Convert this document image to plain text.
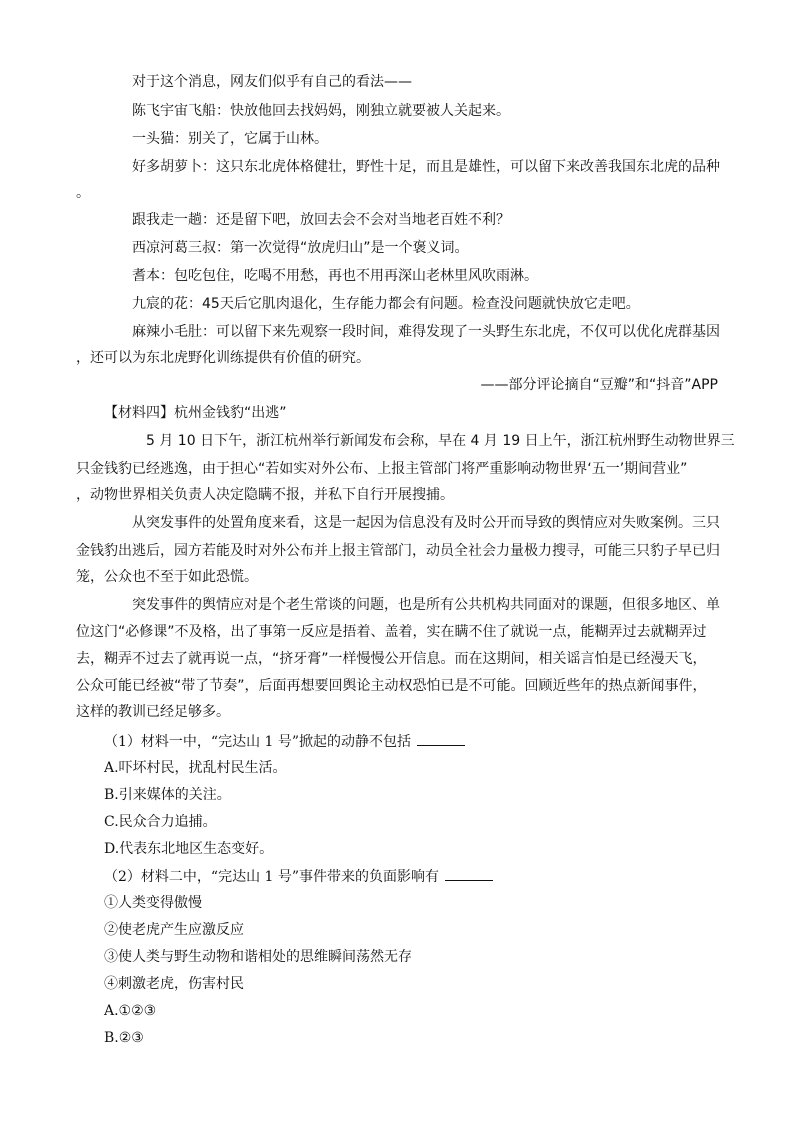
对于这个消息，网友们似乎有自己的看法——
陈飞宇宙飞船：快放他回去找妈妈，刚独立就要被人关起来。
一头猫：别关了，它属于山林。
好多胡萝卜：这只东北虎体格健壮，野性十足，而且是雄性，可以留下来改善我国东北虎的品种
。
跟我走一趟：还是留下吧，放回去会不会对当地老百姓不利？
西凉河葛三叔：第一次觉得“放虎归山”是一个褒义词。
耆本：包吃包住，吃喝不用愁，再也不用再深山老林里风吹雨淋。
九宸的花：45天后它肌肉退化，生存能力都会有问题。检查没问题就快放它走吧。
麻辣小毛肚：可以留下来先观察一段时间，难得发现了一头野生东北虎，不仅可以优化虎群基因
，还可以为东北虎野化训练提供有价值的研究。
——部分评论摘自“豆瓣”和“抖音”APP
【材料四】杭州金钱豹“出逃”
5 月 10 日下午，浙江杭州举行新闻发布会称，早在 4 月 19 日上午，浙江杭州野生动物世界三
只金钱豹已经逃逸，由于担心“若如实对外公布、上报主管部门将严重影响动物世界‘五一’期间营业”
，动物世界相关负责人决定隐瞒不报，并私下自行开展搜捕。
从突发事件的处置角度来看，这是一起因为信息没有及时公开而导致的舆情应对失败案例。三只
金钱豹出逃后，园方若能及时对外公布并上报主管部门，动员全社会力量极力搜寻，可能三只豹子早已归
笼，公众也不至于如此恐慌。
突发事件的舆情应对是个老生常谈的问题，也是所有公共机构共同面对的课题，但很多地区、单
位这门“必修课”不及格，出了事第一反应是捂着、盖着，实在瞒不住了就说一点，能糊弄过去就糊弄过
去，糊弄不过去了就再说一点，“挤牙膏”一样慢慢公开信息。而在这期间，相关谣言怕是已经漫天飞，
公众可能已经被“带了节奏”，后面再想要回舆论主动权恐怕已是不可能。回顾近些年的热点新闻事件，
这样的教训已经足够多。
（1）材料一中，“完达山 1 号”掀起的动静不包括
A.吓坏村民，扰乱村民生活。
B.引来媒体的关注。
C.民众合力追捕。
D.代表东北地区生态变好。
（2）材料二中，“完达山 1 号”事件带来的负面影响有
①人类变得傲慢
②使老虎产生应激反应
③使人类与野生动物和谐相处的思维瞬间荡然无存
④刺激老虎，伤害村民
A.①②③
B.②③
